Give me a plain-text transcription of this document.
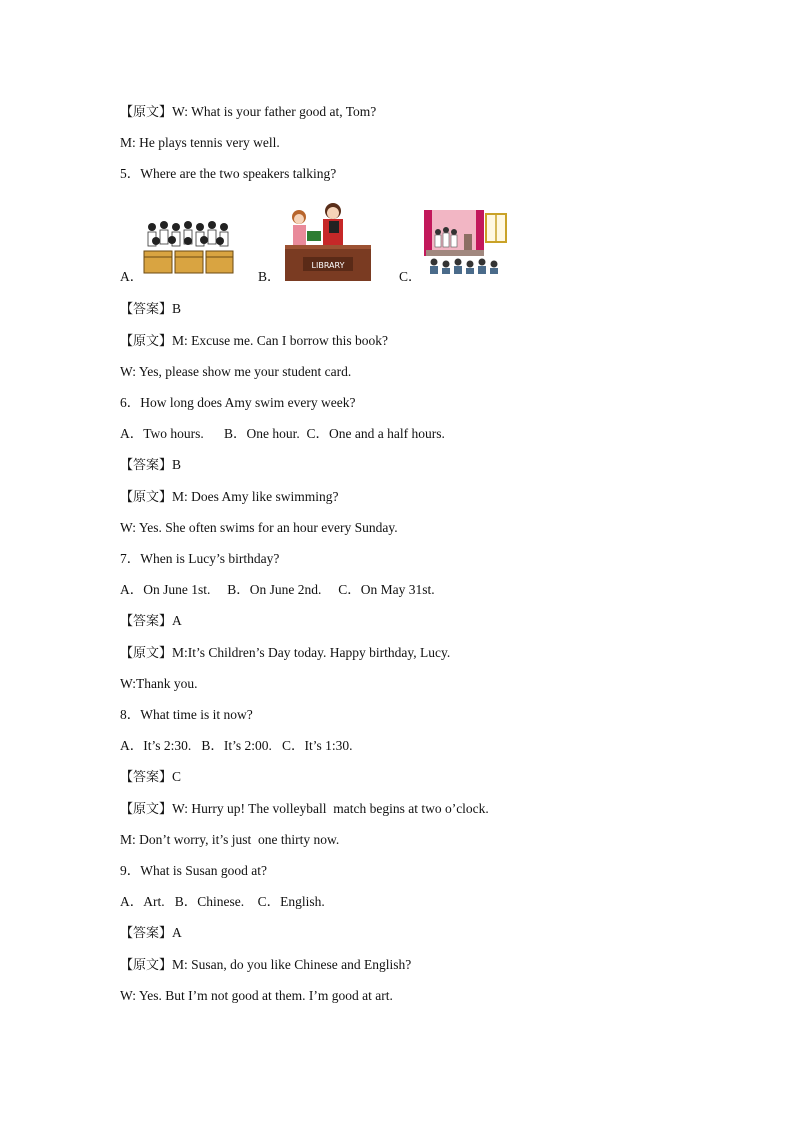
【原文】W: What is your father good at, Tom?
M: He plays tennis very well.
5．Where are the two speakers talking?
A．	B．
LIBRARY
C．
【答案】B
【原文】M: Excuse me. Can I borrow this book?
W: Yes, please show me your student card.
6．How long does Amy swim every week?
A．Two hours.      B．One hour.  C．One and a half hours.
【答案】B
【原文】M: Does Amy like swimming?
W: Yes. She often swims for an hour every Sunday.
7．When is Lucy’s birthday?
A．On June 1st.     B．On June 2nd.     C．On May 31st.
【答案】A
【原文】M:It’s Children’s Day today. Happy birthday, Lucy.
W:Thank you.
8．What time is it now?
A．It’s 2:30.   B．It’s 2:00.   C．It’s 1:30.
【答案】C
【原文】W: Hurry up! The volleyball  match begins at two o’clock.
M: Don’t worry, it’s just  one thirty now.
9．What is Susan good at?
A．Art.   B．Chinese.    C．English.
【答案】A
【原文】M: Susan, do you like Chinese and English?
W: Yes. But I’m not good at them. I’m good at art.
